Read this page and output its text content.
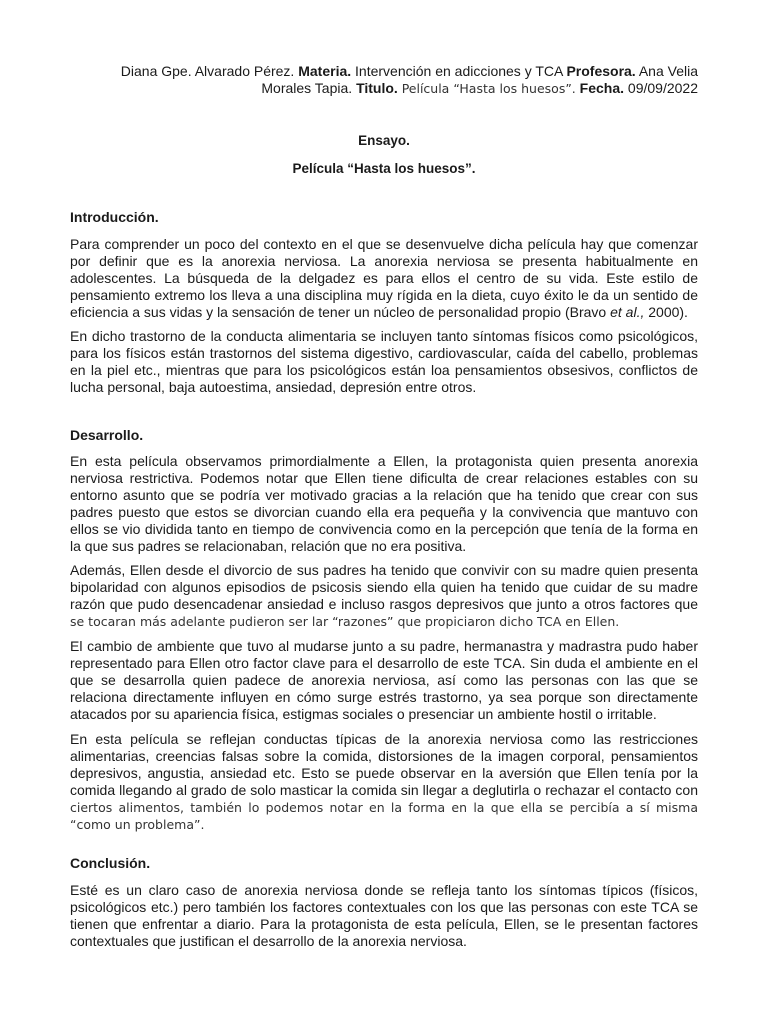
Diana Gpe. Alvarado Pérez. Materia. Intervención en adicciones y TCA Profesora. Ana Velia Morales Tapia. Titulo. Película “Hasta los huesos”. Fecha. 09/09/2022
Ensayo.
Película “Hasta los huesos”.
Introducción.

Para comprender un poco del contexto en el que se desenvuelve dicha película hay que comenzar por definir que es la anorexia nerviosa. La anorexia nerviosa se presenta habitualmente en adolescentes. La búsqueda de la delgadez es para ellos el centro de su vida. Este estilo de pensamiento extremo los lleva a una disciplina muy rígida en la dieta, cuyo éxito le da un sentido de eficiencia a sus vidas y la sensación de tener un núcleo de personalidad propio (Bravo et al., 2000).

En dicho trastorno de la conducta alimentaria se incluyen tanto síntomas físicos como psicológicos, para los físicos están trastornos del sistema digestivo, cardiovascular, caída del cabello, problemas en la piel etc., mientras que para los psicológicos están loa pensamientos obsesivos, conflictos de lucha personal, baja autoestima, ansiedad, depresión entre otros.

Desarrollo.

En esta película observamos primordialmente a Ellen, la protagonista quien presenta anorexia nerviosa restrictiva. Podemos notar que Ellen tiene dificulta de crear relaciones estables con su entorno asunto que se podría ver motivado gracias a la relación que ha tenido que crear con sus padres puesto que estos se divorcian cuando ella era pequeña y la convivencia que mantuvo con ellos se vio dividida tanto en tiempo de convivencia como en la percepción que tenía de la forma en la que sus padres se relacionaban, relación que no era positiva.

Además, Ellen desde el divorcio de sus padres ha tenido que convivir con su madre quien presenta bipolaridad con algunos episodios de psicosis siendo ella quien ha tenido que cuidar de su madre razón que pudo desencadenar ansiedad e incluso rasgos depresivos que junto a otros factores que se tocaran más adelante pudieron ser lar “razones” que propiciaron dicho TCA en Ellen.

El cambio de ambiente que tuvo al mudarse junto a su padre, hermanastra y madrastra pudo haber representado para Ellen otro factor clave para el desarrollo de este TCA. Sin duda el ambiente en el que se desarrolla quien padece de anorexia nerviosa, así como las personas con las que se relaciona directamente influyen en cómo surge estrés trastorno, ya sea porque son directamente atacados por su apariencia física, estigmas sociales o presenciar un ambiente hostil o irritable.

En esta película se reflejan conductas típicas de la anorexia nerviosa como las restricciones alimentarias, creencias falsas sobre la comida, distorsiones de la imagen corporal, pensamientos depresivos, angustia, ansiedad etc. Esto se puede observar en la aversión que Ellen tenía por la comida llegando al grado de solo masticar la comida sin llegar a deglutirla o rechazar el contacto con ciertos alimentos, también lo podemos notar en la forma en la que ella se percibía a sí misma “como un problema”.

Conclusión.

Esté es un claro caso de anorexia nerviosa donde se refleja tanto los síntomas típicos (físicos, psicológicos etc.) pero también los factores contextuales con los que las personas con este TCA se tienen que enfrentar a diario. Para la protagonista de esta película, Ellen, se le presentan factores contextuales que justifican el desarrollo de la anorexia nerviosa.
